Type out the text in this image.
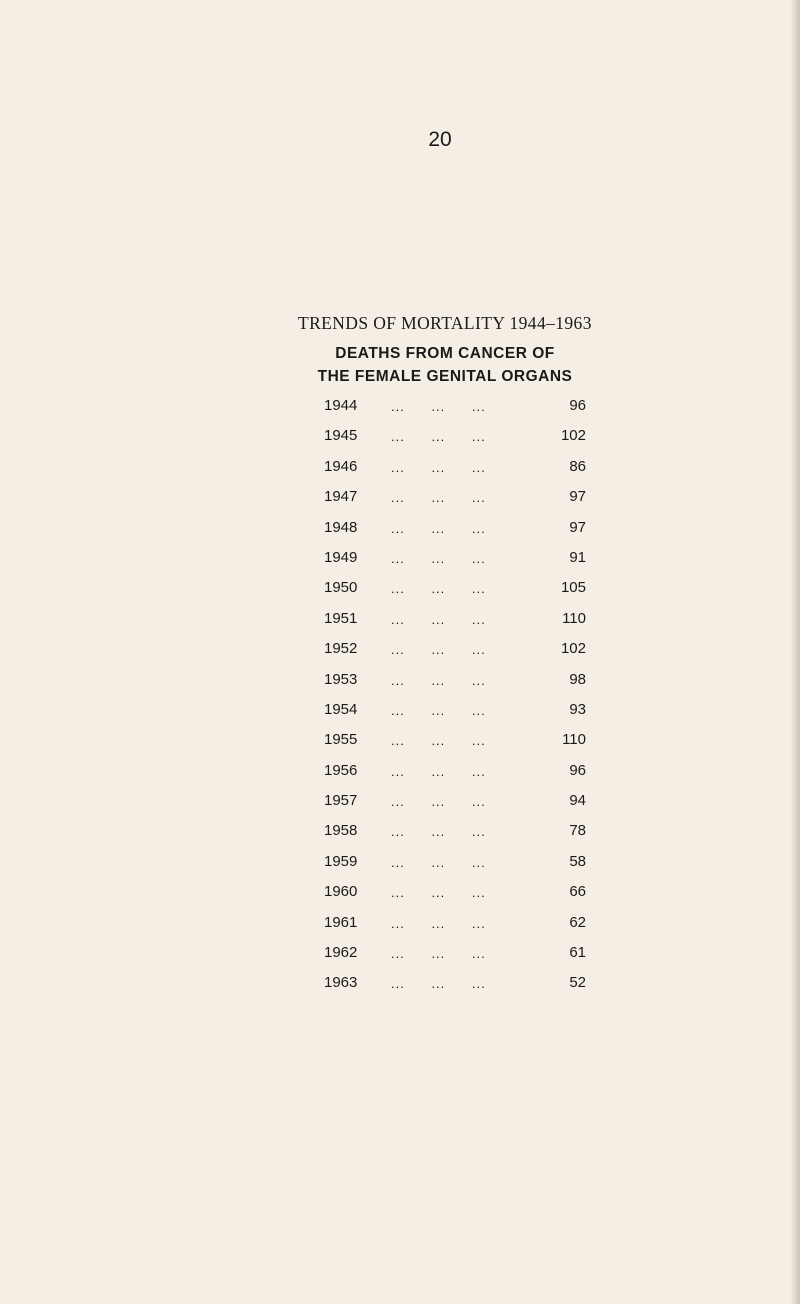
20
TRENDS OF MORTALITY 1944–1963
DEATHS FROM CANCER OF
THE FEMALE GENITAL ORGANS
1944	... ... ...	96
1945	... ... ...	102
1946	... ... ...	86
1947	... ... ...	97
1948	... ... ...	97
1949	... ... ...	91
1950	... ... ...	105
1951	... ... ...	110
1952	... ... ...	102
1953	... ... ...	98
1954	... ... ...	93
1955	... ... ...	110
1956	... ... ...	96
1957	... ... ...	94
1958	... ... ...	78
1959	... ... ...	58
1960	... ... ...	66
1961	... ... ...	62
1962	... ... ...	61
1963	... ... ...	52
